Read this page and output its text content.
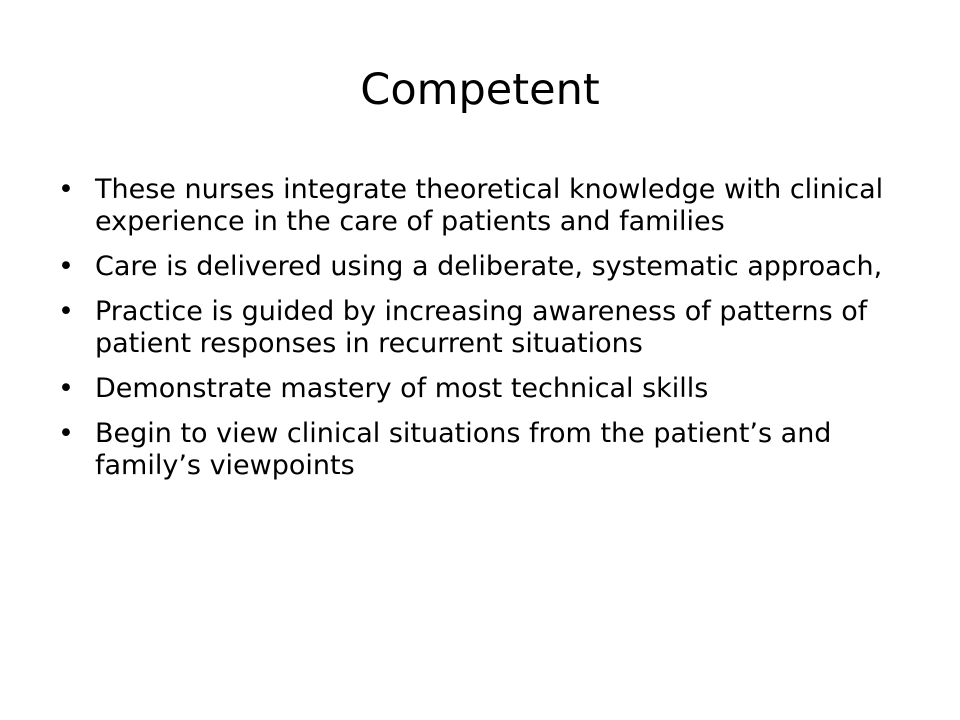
Competent
• These nurses integrate theoretical knowledge with clinical experience in the care of patients and families
• Care is delivered using a deliberate, systematic approach,
• Practice is guided by increasing awareness of patterns of patient responses in recurrent situations
• Demonstrate mastery of most technical skills
• Begin to view clinical situations from the patient’s and family’s viewpoints
